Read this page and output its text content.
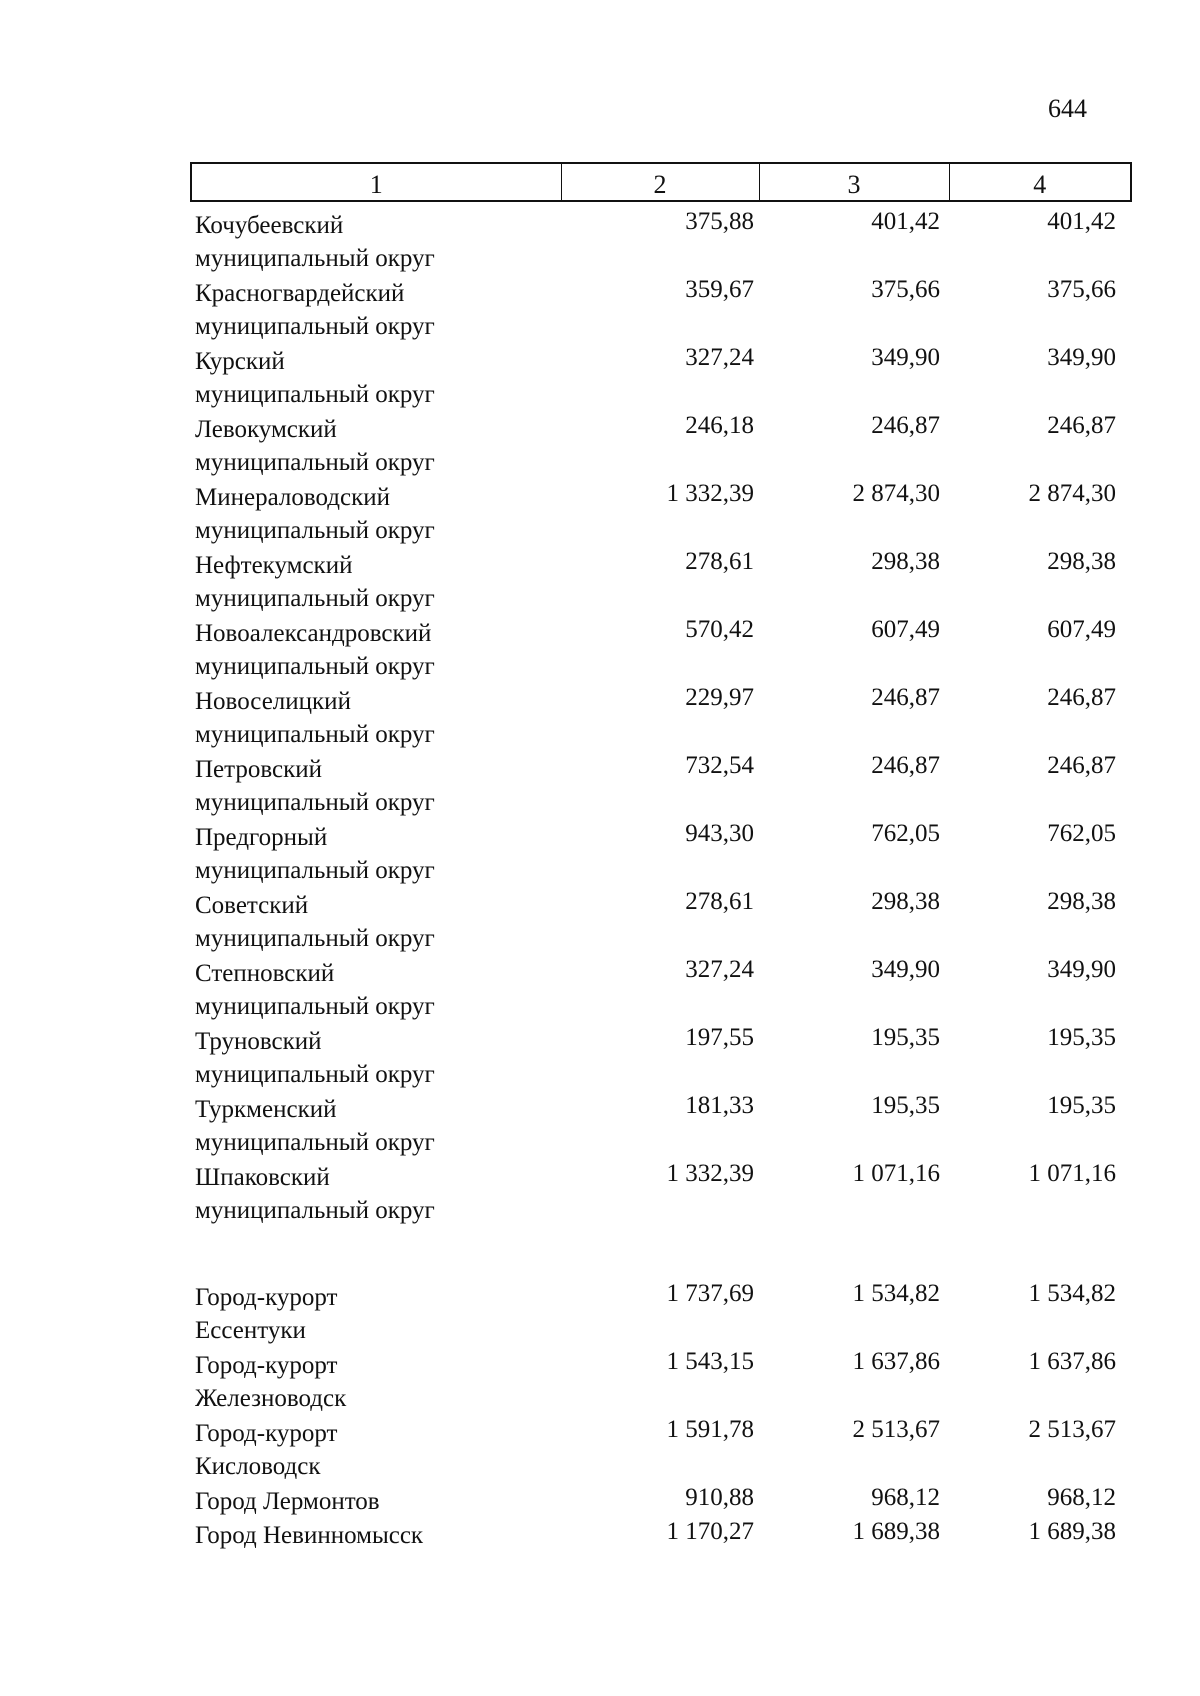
644
1	2	3	4
Кочубеевский
муниципальный округ
375,88	401,42	401,42
Красногвардейский
муниципальный округ
359,67	375,66	375,66
Курский
муниципальный округ
327,24	349,90	349,90
Левокумский
муниципальный округ
246,18	246,87	246,87
Минераловодский
муниципальный округ
1 332,39	2 874,30	2 874,30
Нефтекумский
муниципальный округ
278,61	298,38	298,38
Новоалександровский
муниципальный округ
570,42	607,49	607,49
Новоселицкий
муниципальный округ
229,97	246,87	246,87
Петровский
муниципальный округ
732,54	246,87	246,87
Предгорный
муниципальный округ
943,30	762,05	762,05
Советский
муниципальный округ
278,61	298,38	298,38
Степновский
муниципальный округ
327,24	349,90	349,90
Труновский
муниципальный округ
197,55	195,35	195,35
Туркменский
муниципальный округ
181,33	195,35	195,35
Шпаковский
муниципальный округ
1 332,39	1 071,16	1 071,16
Город-курорт
Ессентуки
1 737,69	1 534,82	1 534,82
Город-курорт
Железноводск
1 543,15	1 637,86	1 637,86
Город-курорт
Кисловодск
1 591,78	2 513,67	2 513,67
Город Лермонтов	910,88	968,12	968,12
Город Невинномысск	1 170,27	1 689,38	1 689,38
